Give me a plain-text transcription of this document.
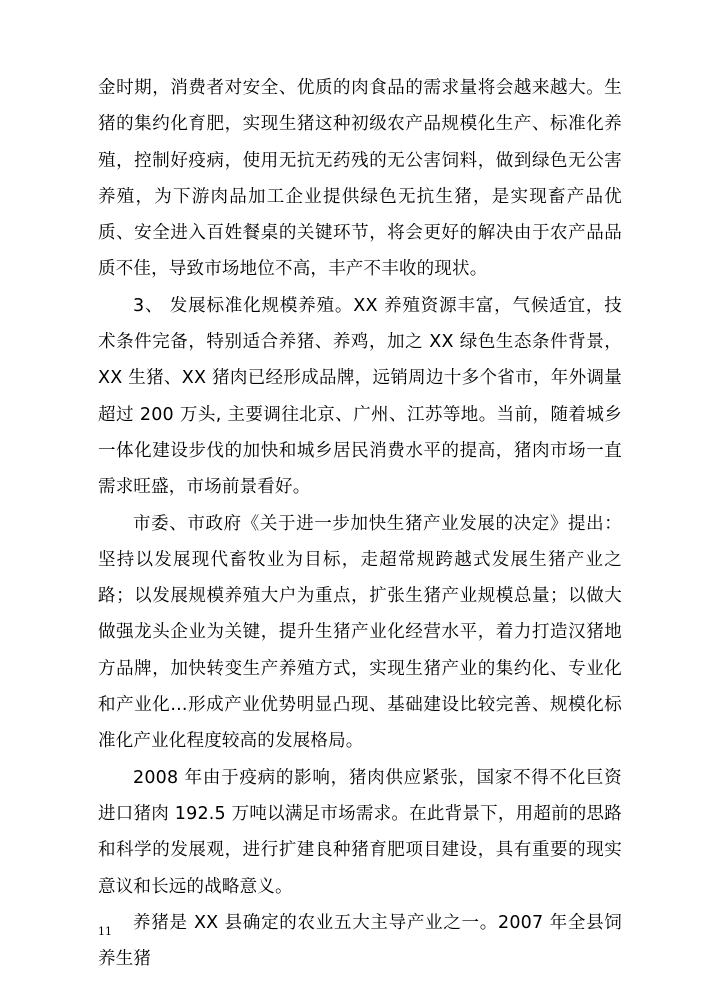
金时期，消费者对安全、优质的肉食品的需求量将会越来越大。生猪的集约化育肥，实现生猪这种初级农产品规模化生产、标准化养殖，控制好疫病，使用无抗无药残的无公害饲料，做到绿色无公害养殖，为下游肉品加工企业提供绿色无抗生猪，是实现畜产品优质、安全进入百姓餐桌的关键环节，将会更好的解决由于农产品品质不佳，导致市场地位不高，丰产不丰收的现状。

3、 发展标准化规模养殖。XX 养殖资源丰富，气候适宜，技术条件完备，特别适合养猪、养鸡，加之 XX 绿色生态条件背景，XX 生猪、XX 猪肉已经形成品牌，远销周边十多个省市，年外调量超过 200 万头, 主要调往北京、广州、江苏等地。当前，随着城乡一体化建设步伐的加快和城乡居民消费水平的提高，猪肉市场一直需求旺盛，市场前景看好。

市委、市政府《关于进一步加快生猪产业发展的决定》提出：坚持以发展现代畜牧业为目标，走超常规跨越式发展生猪产业之路；以发展规模养殖大户为重点，扩张生猪产业规模总量；以做大做强龙头企业为关键，提升生猪产业化经营水平，着力打造汉猪地方品牌，加快转变生产养殖方式，实现生猪产业的集约化、专业化和产业化...形成产业优势明显凸现、基础建设比较完善、规模化标准化产业化程度较高的发展格局。

2008 年由于疫病的影响，猪肉供应紧张，国家不得不化巨资进口猪肉 192.5 万吨以满足市场需求。在此背景下，用超前的思路和科学的发展观，进行扩建良种猪育肥项目建设，具有重要的现实意议和长远的战略意义。

养猪是 XX 县确定的农业五大主导产业之一。2007 年全县饲养生猪

11
